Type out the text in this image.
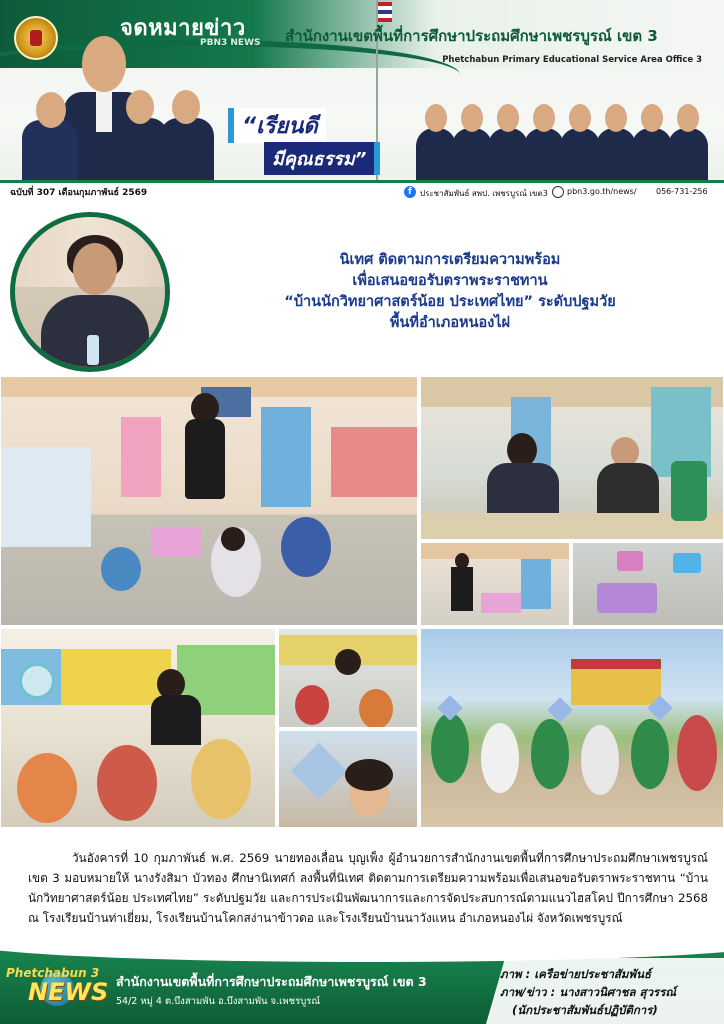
จดหมายข่าว
PBN3 NEWS สำนักงานเขตพื้นที่การศึกษาประถมศึกษาเพชรบูรณ์ เขต 3
Phetchabun Primary Educational Service Area Office 3
“เรียนดี
มีคุณธรรม”
ฉบับที่ 307 เดือนกุมภาพันธ์ 2569	f	ประชาสัมพันธ์ สพป. เพชรบูรณ์ เขต3 pbn3.go.th/news/ 056-731-256
นิเทศ ติดตามการเตรียมความพร้อม
เพื่อเสนอขอรับตราพระราชทาน
“บ้านนักวิทยาศาสตร์น้อย ประเทศไทย” ระดับปฐมวัย
พื้นที่อำเภอหนองไผ่
วันอังคารที่ 10 กุมภาพันธ์ พ.ศ. 2569 นายทองเลื่อน บุญเพ็ง ผู้อำนวยการสำนักงานเขตพื้นที่การศึกษาประถมศึกษาเพชรบูรณ์ เขต 3 มอบหมายให้ นางรังสิมา บัวทอง ศึกษานิเทศก์ ลงพื้นที่นิเทศ ติดตามการเตรียมความพร้อมเพื่อเสนอขอรับตราพระราชทาน “บ้านนักวิทยาศาสตร์น้อย ประเทศไทย” ระดับปฐมวัย และการประเมินพัฒนาการและการจัดประสบการณ์ตามแนวไฮสโคป ปีการศึกษา 2568 ณ โรงเรียนบ้านท่าเยี่ยม, โรงเรียนบ้านโคกสง่านาข้าวดอ และโรงเรียนบ้านนาวังแหน อำเภอหนองไผ่ จังหวัดเพชรบูรณ์
Phetchabun 3
NEWS สำนักงานเขตพื้นที่การศึกษาประถมศึกษาเพชรบูรณ์ เขต 3
54/2 หมู่ 4 ต.บึงสามพัน อ.บึงสามพัน จ.เพชรบูรณ์
ภาพ : เครือข่ายประชาสัมพันธ์
ภาพ/ข่าว : นางสาวนิศาชล สุวรรณ์
(นักประชาสัมพันธ์ปฏิบัติการ)
